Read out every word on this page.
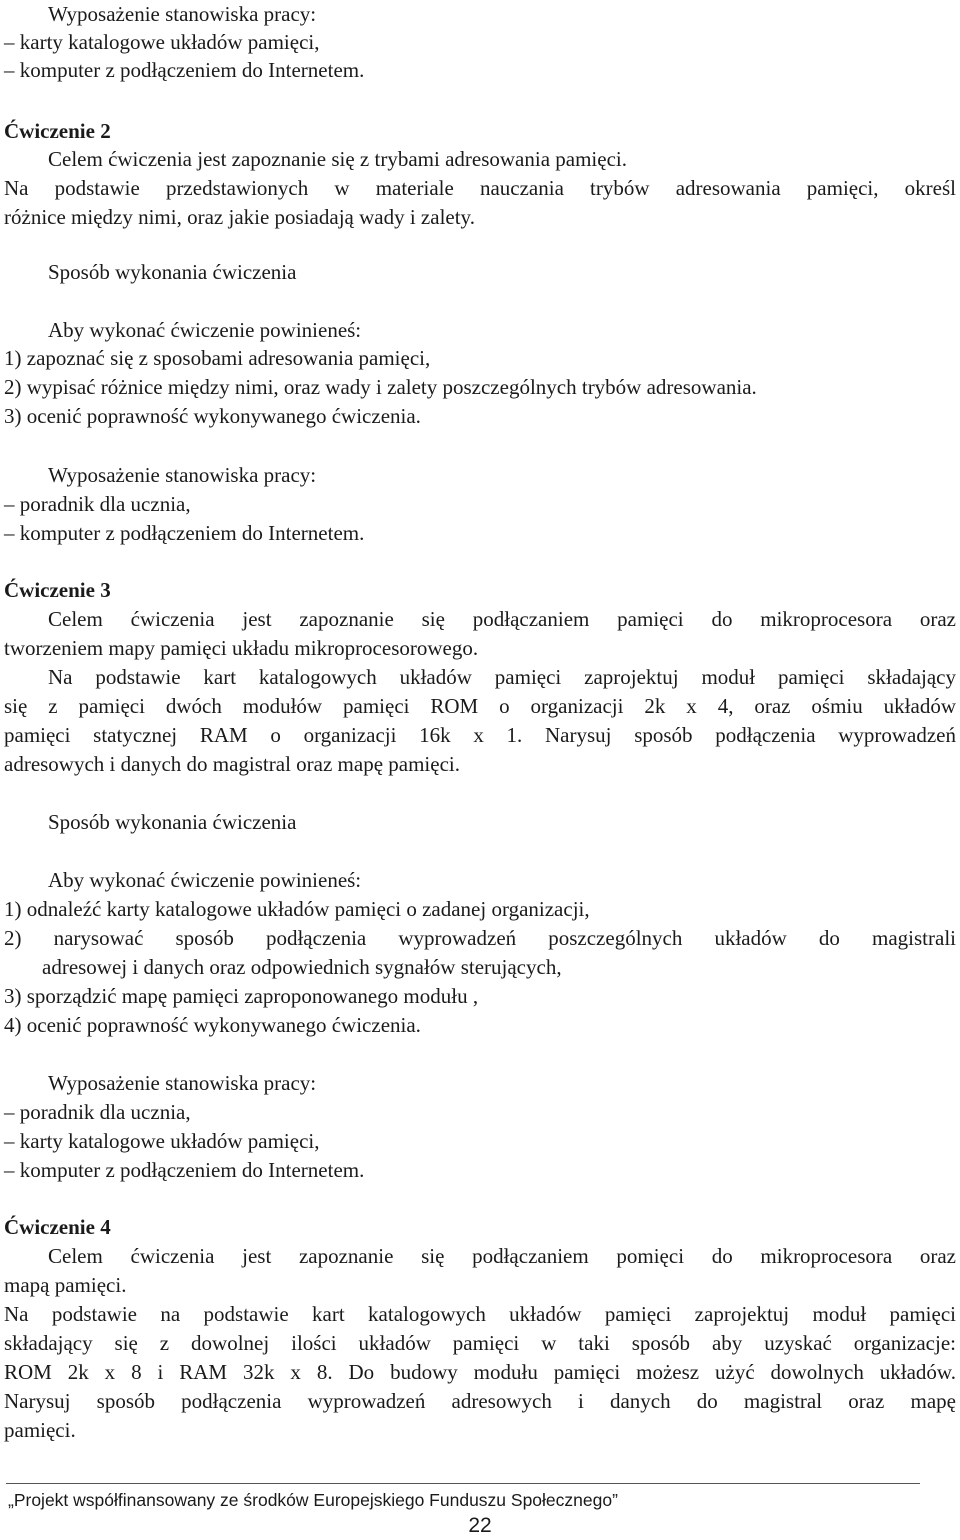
Wyposażenie stanowiska pracy:
– karty katalogowe układów pamięci,
– komputer z podłączeniem do Internetem.
Ćwiczenie 2
Celem ćwiczenia jest zapoznanie się z trybami adresowania pamięci.
Na podstawie przedstawionych w materiale nauczania trybów adresowania pamięci, określ
różnice między nimi, oraz jakie posiadają wady i zalety.
Sposób wykonania ćwiczenia
Aby wykonać ćwiczenie powinieneś:
1) zapoznać się z sposobami adresowania pamięci,
2) wypisać różnice między nimi, oraz wady i zalety poszczególnych trybów adresowania.
3) ocenić poprawność wykonywanego ćwiczenia.
Wyposażenie stanowiska pracy:
– poradnik dla ucznia,
– komputer z podłączeniem do Internetem.
Ćwiczenie 3
Celem ćwiczenia jest zapoznanie się podłączaniem pamięci do mikroprocesora oraz
tworzeniem mapy pamięci układu mikroprocesorowego.
Na podstawie kart katalogowych układów pamięci zaprojektuj moduł pamięci składający
się z pamięci dwóch modułów pamięci ROM o organizacji 2k x 4, oraz ośmiu układów
pamięci statycznej RAM o organizacji 16k x 1. Narysuj sposób podłączenia wyprowadzeń
adresowych i danych do magistral oraz mapę pamięci.
Sposób wykonania ćwiczenia
Aby wykonać ćwiczenie powinieneś:
1) odnaleźć karty katalogowe układów pamięci o zadanej organizacji,
2) narysować sposób podłączenia wyprowadzeń poszczególnych układów do magistrali
adresowej i danych oraz odpowiednich sygnałów sterujących,
3) sporządzić mapę pamięci zaproponowanego modułu ,
4) ocenić poprawność wykonywanego ćwiczenia.
Wyposażenie stanowiska pracy:
– poradnik dla ucznia,
– karty katalogowe układów pamięci,
– komputer z podłączeniem do Internetem.
Ćwiczenie 4
Celem ćwiczenia jest zapoznanie się podłączaniem pomięci do mikroprocesora oraz
mapą pamięci.
Na podstawie na podstawie kart katalogowych układów pamięci zaprojektuj moduł pamięci
składający się z dowolnej ilości układów pamięci w taki sposób aby uzyskać organizacje:
ROM 2k x 8 i RAM 32k x 8. Do budowy modułu pamięci możesz użyć dowolnych układów.
Narysuj sposób podłączenia wyprowadzeń adresowych i danych do magistral oraz mapę
pamięci.
„Projekt współfinansowany ze środków Europejskiego Funduszu Społecznego”
22
